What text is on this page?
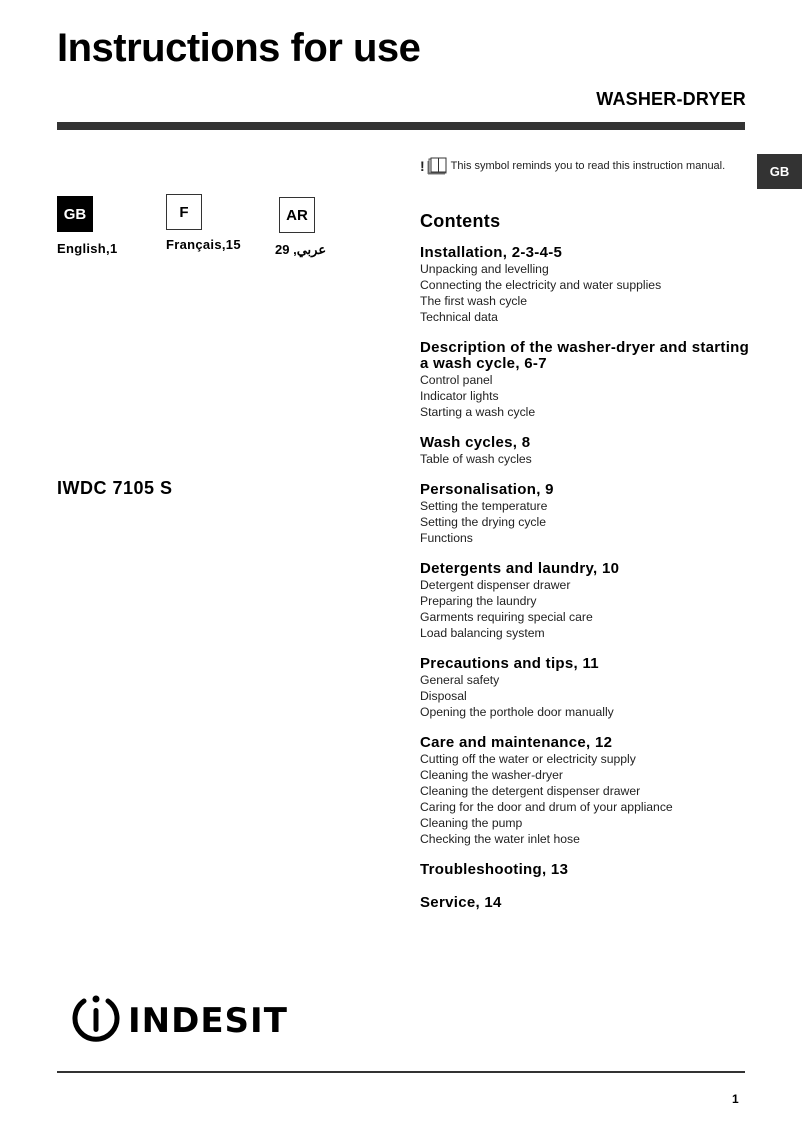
Instructions for use
WASHER-DRYER
GB
GB
English,1
F
Français,15
AR
عربي, 29
IWDC 7105 S
! This symbol reminds you to read this instruction manual.
Contents
Installation, 2-3-4-5
Unpacking and levelling
Connecting the electricity and water supplies
The first wash cycle
Technical data
Description of the washer-dryer and starting a wash cycle, 6-7
Control panel
Indicator lights
Starting a wash cycle
Wash cycles, 8
Table of wash cycles
Personalisation, 9
Setting the temperature
Setting the drying cycle
Functions
Detergents and laundry, 10
Detergent dispenser drawer
Preparing the laundry
Garments requiring special care
Load balancing system
Precautions and tips, 11
General safety
Disposal
Opening the porthole door manually
Care and maintenance, 12
Cutting off the water or electricity supply
Cleaning the washer-dryer
Cleaning the detergent dispenser drawer
Caring for the door and drum of your appliance
Cleaning the pump
Checking the water inlet hose
Troubleshooting, 13
Service, 14
INDESIT
1
